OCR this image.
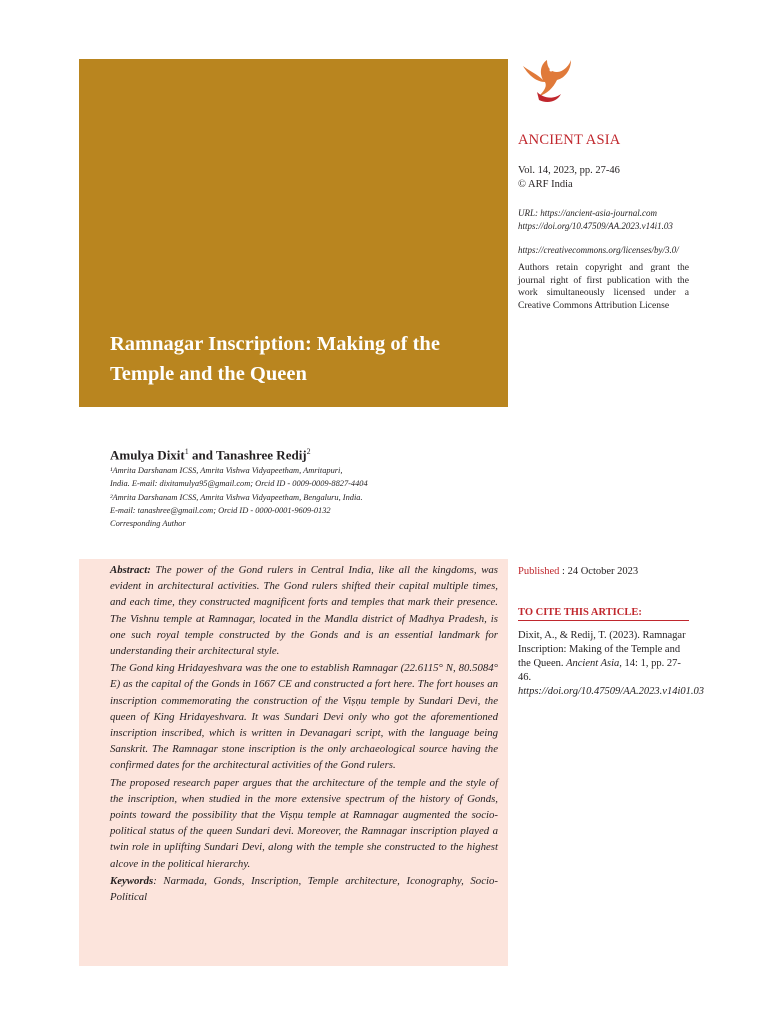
Ramnagar Inscription: Making of the
Temple and the Queen
ANCIENT ASIA
Vol. 14, 2023, pp. 27-46
© ARF India
URL: https://ancient-asia-journal.com
https://doi.org/10.47509/AA.2023.v14i1.03
https://creativecommons.org/licenses/by/3.0/
Authors retain copyright and grant the journal right of first publication with the work simultaneously licensed under a Creative Commons Attribution License
Amulya Dixit$^1$ and Tanashree Redij$^2$
¹Amrita Darshanam ICSS, Amrita Vishwa Vidyapeetham, Amritapuri,
India. E-mail: dixitamulya95@gmail.com; Orcid ID - 0009-0009-8827-4404
²Amrita Darshanam ICSS, Amrita Vishwa Vidyapeetham, Bengaluru, India.
E-mail: tanashree@gmail.com; Orcid ID - 0000-0001-9609-0132
Corresponding Author

Abstract: The power of the Gond rulers in Central India, like all the kingdoms, was evident in architectural activities. The Gond rulers shifted their capital multiple times, and each time, they constructed magnificent forts and temples that mark their presence. The Vishnu temple at Ramnagar, located in the Mandla district of Madhya Pradesh, is one such royal temple constructed by the Gonds and is an essential landmark for understanding their architectural style.

The Gond king Hridayeshvara was the one to establish Ramnagar (22.6115° N, 80.5084° E) as the capital of the Gonds in 1667 CE and constructed a fort here. The fort houses an inscription commemorating the construction of the Viṣṇu temple by Sundari Devi, the queen of King Hridayeshvara. It was Sundari Devi only who got the aforementioned inscription inscribed, which is written in Devanagari script, with the language being Sanskrit. The Ramnagar stone inscription is the only archaeological source having the confirmed dates for the architectural activities of the Gond rulers.

The proposed research paper argues that the architecture of the temple and the style of the inscription, when studied in the more extensive spectrum of the history of Gonds, points toward the possibility that the Viṣṇu temple at Ramnagar augmented the socio-political status of the queen Sundari devi. Moreover, the Ramnagar inscription played a twin role in uplifting Sundari Devi, along with the temple she constructed to the highest alcove in the political hierarchy.

Keywords: Narmada, Gonds, Inscription, Temple architecture, Iconography, Socio-Political

Published : 24 October 2023
TO CITE THIS ARTICLE:
Dixit, A., & Redij, T. (2023). Ramnagar Inscription: Making of the Temple and the Queen. Ancient Asia, 14: 1, pp. 27-46. https://doi.org/10.47509/AA.2023.v14i01.03
